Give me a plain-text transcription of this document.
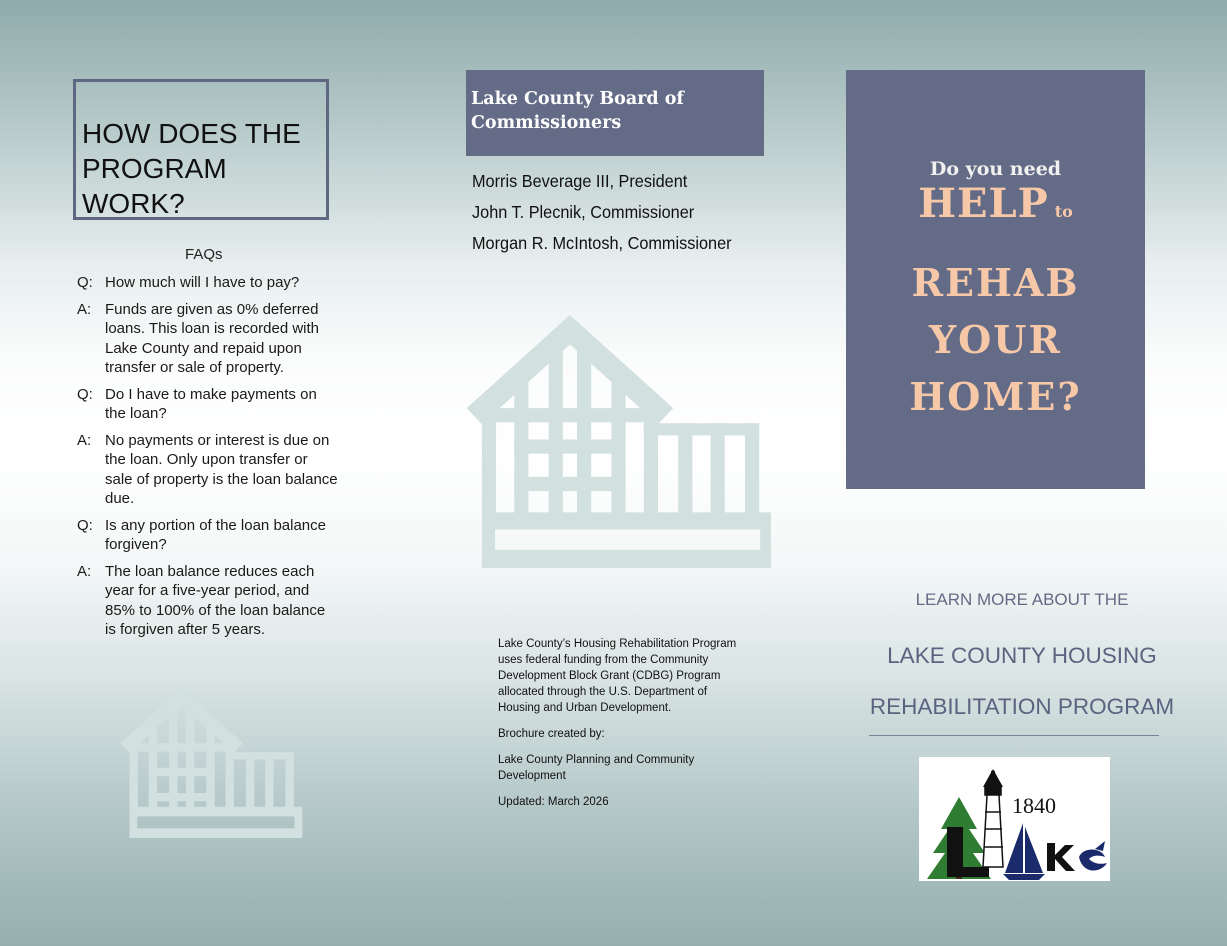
HOW DOES THE PROGRAM WORK?
FAQs
Q: How much will I have to pay?
A: Funds are given as 0% deferred loans. This loan is recorded with Lake County and repaid upon transfer or sale of property.
Q: Do I have to make payments on the loan?
A: No payments or interest is due on the loan. Only upon transfer or sale of property is the loan balance due.
Q: Is any portion of the loan balance forgiven?
A: The loan balance reduces each year for a five-year period, and 85% to 100% of the loan balance is forgiven after 5 years.
Lake County Board of Commissioners
Morris Beverage III, President
John T. Plecnik, Commissioner
Morgan R. McIntosh, Commissioner

Lake County’s Housing Rehabilitation Program uses federal funding from the Community Development Block Grant (CDBG) Program allocated through the U.S. Department of Housing and Urban Development.

Brochure created by:

Lake County Planning and Community Development

Updated: March 2026

Do you need
HELP to
REHAB
YOUR
HOME?
LEARN MORE ABOUT THE
LAKE COUNTY HOUSING
REHABILITATION PROGRAM
1840
